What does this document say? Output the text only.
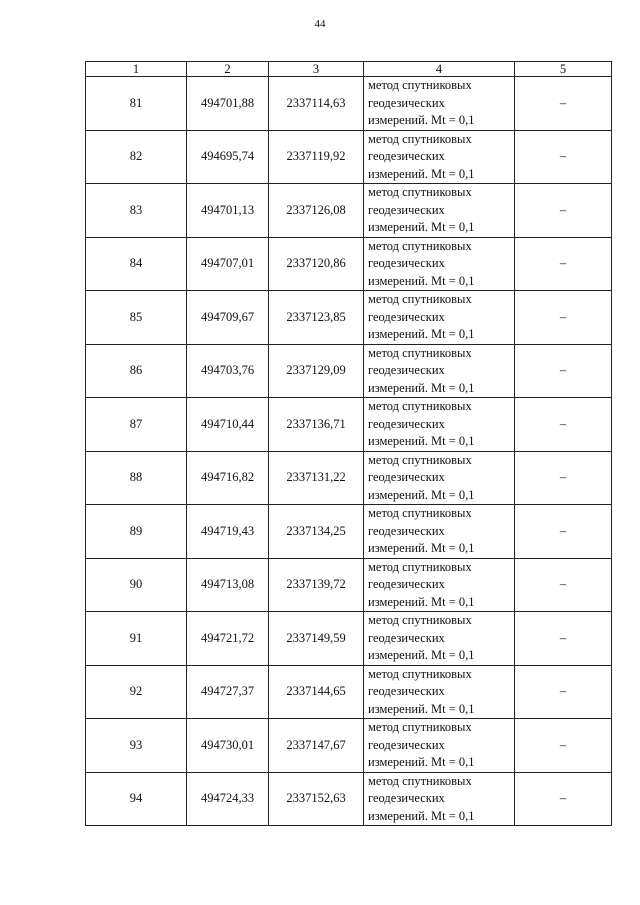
44
1	2	3	4	5
81	494701,88	2337114,63	метод спутниковых
геодезических
измерений. Mt = 0,1	–
82	494695,74	2337119,92	метод спутниковых
геодезических
измерений. Mt = 0,1	–
83	494701,13	2337126,08	метод спутниковых
геодезических
измерений. Mt = 0,1	–
84	494707,01	2337120,86	метод спутниковых
геодезических
измерений. Mt = 0,1	–
85	494709,67	2337123,85	метод спутниковых
геодезических
измерений. Mt = 0,1	–
86	494703,76	2337129,09	метод спутниковых
геодезических
измерений. Mt = 0,1	–
87	494710,44	2337136,71	метод спутниковых
геодезических
измерений. Mt = 0,1	–
88	494716,82	2337131,22	метод спутниковых
геодезических
измерений. Mt = 0,1	–
89	494719,43	2337134,25	метод спутниковых
геодезических
измерений. Mt = 0,1	–
90	494713,08	2337139,72	метод спутниковых
геодезических
измерений. Mt = 0,1	–
91	494721,72	2337149,59	метод спутниковых
геодезических
измерений. Mt = 0,1	–
92	494727,37	2337144,65	метод спутниковых
геодезических
измерений. Mt = 0,1	–
93	494730,01	2337147,67	метод спутниковых
геодезических
измерений. Mt = 0,1	–
94	494724,33	2337152,63	метод спутниковых
геодезических
измерений. Mt = 0,1	–
